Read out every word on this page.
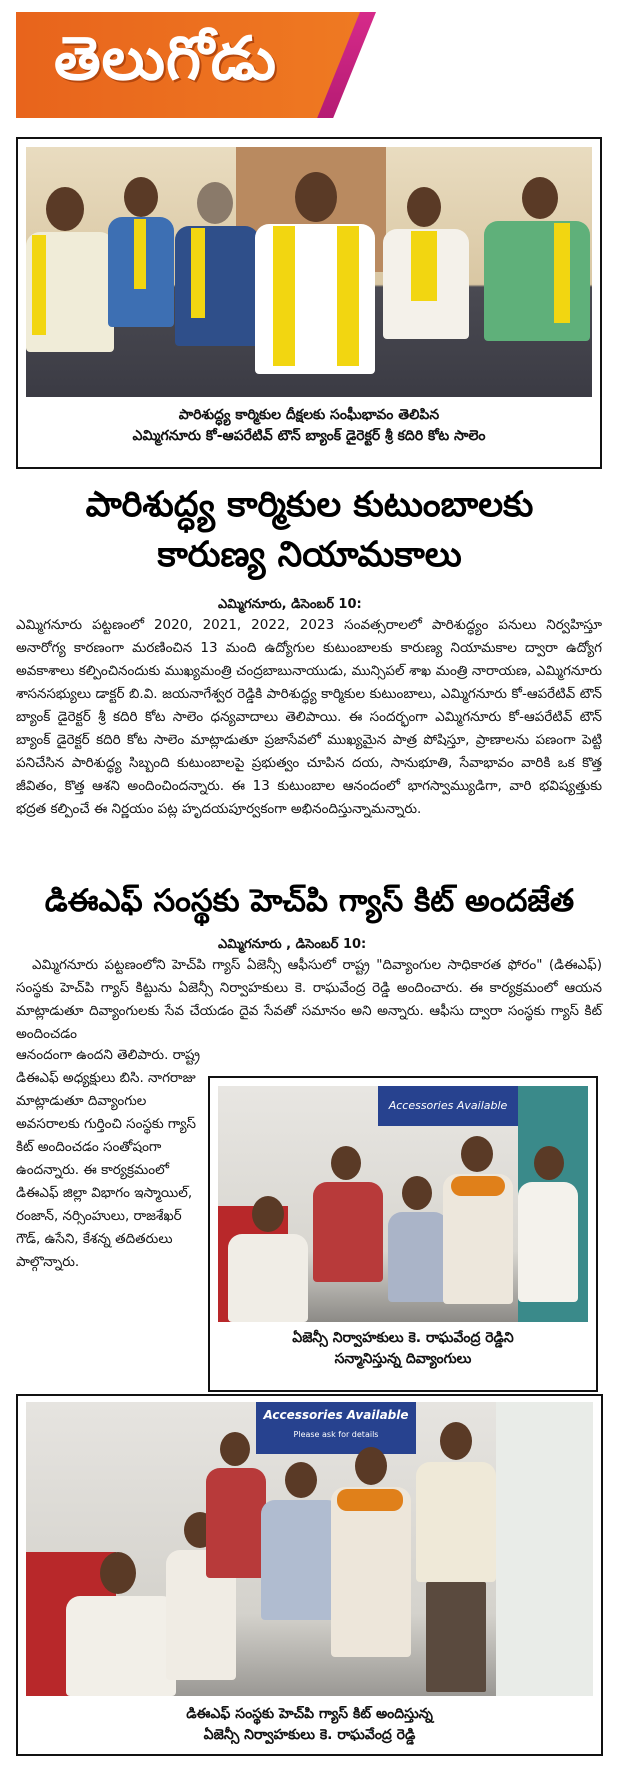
తెలుగోడు
పారిశుద్ధ్య కార్మికుల దీక్షలకు సంఘీభావం తెలిపిన
ఎమ్మిగనూరు కో-ఆపరేటివ్ టౌన్ బ్యాంక్ డైరెక్టర్ శ్రీ కదిరి కోట సాలెం
పారిశుద్ధ్య కార్మికుల కుటుంబాలకు
కారుణ్య నియామకాలు
ఎమ్మిగనూరు, డిసెంబర్ 10:
ఎమ్మిగనూరు పట్టణంలో 2020, 2021, 2022, 2023 సంవత్సరాలలో పారిశుద్ధ్యం పనులు నిర్వహిస్తూ అనారోగ్య కారణంగా మరణించిన 13 మంది ఉద్యోగుల కుటుంబాలకు కారుణ్య నియామకాల ద్వారా ఉద్యోగ అవకాశాలు కల్పించినందుకు ముఖ్యమంత్రి చంద్రబాబునాయుడు, మున్సిపల్ శాఖ మంత్రి నారాయణ, ఎమ్మిగనూరు శాసనసభ్యులు డాక్టర్ బి.వి. జయనాగేశ్వర రెడ్డికి పారిశుద్ధ్య కార్మికుల కుటుంబాలు, ఎమ్మిగనూరు కో-ఆపరేటివ్ టౌన్ బ్యాంక్ డైరెక్టర్ శ్రీ కదిరి కోట సాలెం ధన్యవాదాలు తెలిపాయి. ఈ సందర్భంగా ఎమ్మిగనూరు కో-ఆపరేటివ్ టౌన్ బ్యాంక్ డైరెక్టర్ కదిరి కోట సాలెం మాట్లాడుతూ ప్రజాసేవలో ముఖ్యమైన పాత్ర పోషిస్తూ, ప్రాణాలను పణంగా పెట్టి పనిచేసిన పారిశుద్ధ్య సిబ్బంది కుటుంబాలపై ప్రభుత్వం చూపిన దయ, సానుభూతి, సేవాభావం వారికి ఒక కొత్త జీవితం, కొత్త ఆశని అందించిందన్నారు. ఈ 13 కుటుంబాల ఆనందంలో భాగస్వామ్యుడిగా, వారి భవిష్యత్తుకు భద్రత కల్పించే ఈ నిర్ణయం పట్ల హృదయపూర్వకంగా అభినందిస్తున్నామన్నారు.
డిఈఎఫ్ సంస్థకు హెచ్‌పి గ్యాస్ కిట్ అందజేత
ఎమ్మిగనూరు , డిసెంబర్ 10:
ఎమ్మిగనూరు పట్టణంలోని హెచ్‌పి గ్యాస్ ఏజెన్సీ ఆఫీసులో రాష్ట్ర "దివ్యాంగుల సాధికారత ఫోరం" (డిఈఎఫ్) సంస్థకు హెచ్‌పి గ్యాస్ కిట్టును ఏజెన్సీ నిర్వాహకులు కె. రాఘవేంద్ర రెడ్డి అందించారు. ఈ కార్యక్రమంలో ఆయన మాట్లాడుతూ దివ్యాంగులకు సేవ చేయడం దైవ సేవతో సమానం అని అన్నారు. ఆఫీసు ద్వారా సంస్థకు గ్యాస్ కిట్ అందించడం
ఆనందంగా ఉందని తెలిపారు. రాష్ట్ర డిఈఎఫ్ అధ్యక్షులు బిసి. నాగరాజు మాట్లాడుతూ దివ్యాంగుల అవసరాలకు గుర్తించి సంస్థకు గ్యాస్ కిట్ అందించడం సంతోషంగా ఉందన్నారు. ఈ కార్యక్రమంలో డిఈఎఫ్ జిల్లా విభాగం ఇస్మాయిల్, రంజాన్, నర్సింహులు, రాజశేఖర్ గౌడ్, ఉసేని, కేశన్న తదితరులు పాల్గొన్నారు.
Accessories Available
ఏజెన్సీ నిర్వాహకులు కె. రాఘవేంద్ర రెడ్డిని
సన్మానిస్తున్న దివ్యాంగులు
Accessories Available
Please ask for details
డిఈఎఫ్ సంస్థకు హెచ్‌పి గ్యాస్ కిట్ అందిస్తున్న
ఏజెన్సీ నిర్వాహకులు కె. రాఘవేంద్ర రెడ్డి
